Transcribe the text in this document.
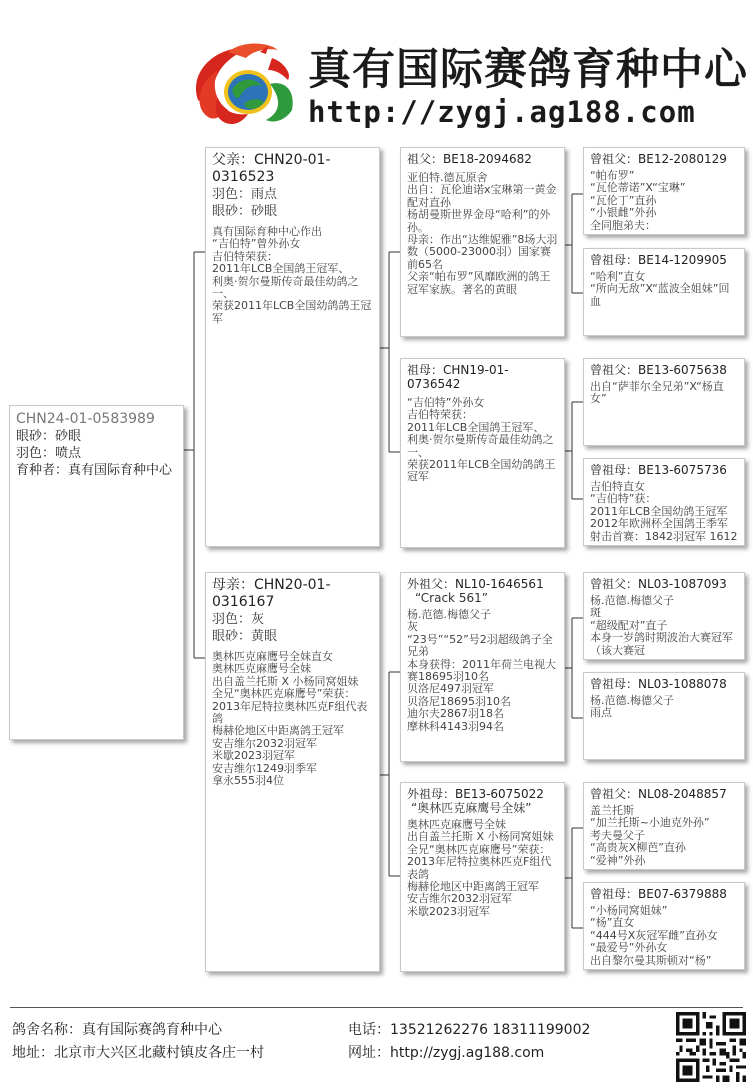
真有国际赛鸽育种中心
http://zygj.ag188.com
CHN24-01-0583989
眼砂：砂眼
羽色：喷点
育种者：真有国际育种中心
父亲：CHN20-01-0316523
羽色：雨点
眼砂：砂眼
真有国际育种中心作出
“吉伯特”曾外孙女
吉伯特荣获：
2011年LCB全国鸽王冠军、
利奥·贺尔曼斯传奇最佳幼鸽之一、
荣获2011年LCB全国幼鸽鸽王冠军
母亲：CHN20-01-0316167
羽色：灰
眼砂：黄眼
奥林匹克麻鹰号全妹直女
奥林匹克麻鹰号全妹
出自盖兰托斯 X 小杨同窝姐妹
全兄“奥林匹克麻鹰号”荣获：
2013年尼特拉奥林匹克F组代表鸽
梅赫伦地区中距离鸽王冠军
安吉维尔2032羽冠军
米歇2023羽冠军
安吉维尔1249羽季军
拿永555羽4位
祖父：BE18-2094682
亚伯特.德瓦原舍
出自：瓦伦迪诺x宝琳第一黄金配对直孙
杨胡曼斯世界金母“哈利”的外孙。
母亲：作出“达维妮雅”8场大羽数（5000-23000羽）国家赛前65名
父亲“帕布罗”风靡欧洲的鸽王冠军家族。著名的黄眼
祖母：CHN19-01-0736542
“吉伯特”外孙女
吉伯特荣获：
2011年LCB全国鸽王冠军、
利奥·贺尔曼斯传奇最佳幼鸽之一、
荣获2011年LCB全国幼鸽鸽王冠军
外祖父：NL10-1646561
“Crack 561”
杨.范德.梅德父子
灰
“23号”“52”号2羽超级鸽子全兄弟
本身获得：2011年荷兰电视大赛18695羽10名
贝洛尼497羽冠军
贝洛尼18695羽10名
迪尔夫2867羽18名
摩林科4143羽94名
外祖母：BE13-6075022
“奥林匹克麻鹰号全妹”
奥林匹克麻鹰号全妹
出自盖兰托斯 X 小杨同窝姐妹
全兄“奥林匹克麻鹰号”荣获：
2013年尼特拉奥林匹克F组代表鸽
梅赫伦地区中距离鸽王冠军
安吉维尔2032羽冠军
米歇2023羽冠军
曾祖父：BE12-2080129
“帕布罗”
“瓦伦蒂诺”X“宝琳”
“瓦伦丁”直孙
“小银雌”外孙
全同胞弟夫：
曾祖母：BE14-1209905
“哈利”直女
“所向无敌”X“蓝波全姐妹”回血
曾祖父：BE13-6075638
出自“萨菲尔全兄弟”X“杨直女”
曾祖母：BE13-6075736
吉伯特直女
“吉伯特”获：
2011年LCB全国幼鸽王冠军
2012年欧洲杯全国鸽王季军
射击首赛：1842羽冠军 1612
曾祖父：NL03-1087093
杨.范德.梅德父子
斑
“超级配对”直子
本身一岁鸽时期波治大赛冠军（该大赛冠
曾祖母：NL03-1088078
杨.范德.梅德父子
雨点
曾祖父：NL08-2048857
盖兰托斯
“加兰托斯~小迪克外孙”
考夫曼父子
“高贵灰X柳芭”直孙
“爱神”外孙
曾祖母：BE07-6379888
“小杨同窝姐妹”
“杨”直女
“444号X灰冠军雌”直孙女
“最爱号”外孙女
出自黎尔曼其斯顿对“杨”
鸽舍名称：真有国际赛鸽育种中心
地址：北京市大兴区北藏村镇皮各庄一村
电话：13521262276 18311199002
网址：http://zygj.ag188.com
